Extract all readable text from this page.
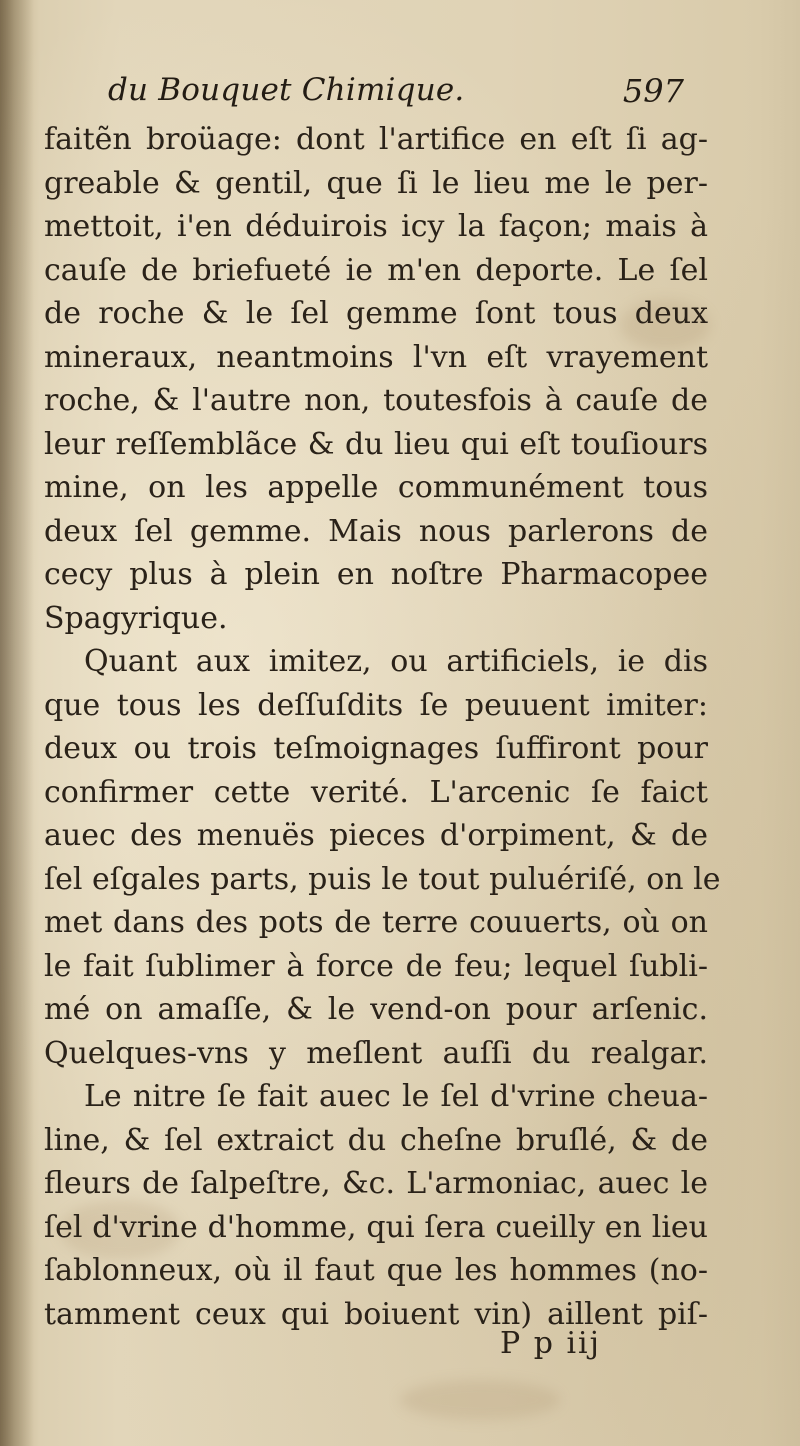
du Bouquet Chimique.	597
faitẽn broüage: dont l'artifice en eſt ſi ag-
greable & gentil, que ſi le lieu me le per-
mettoit, i'en déduirois icy la façon; mais à
cauſe de briefueté ie m'en deporte. Le ſel
de roche & le ſel gemme ſont tous deux
mineraux, neantmoins l'vn eſt vrayement
roche, & l'autre non, toutesfois à cauſe de
leur reſſemblãce & du lieu qui eſt touſiours
mine, on les appelle communément tous
deux ſel gemme. Mais nous parlerons de
cecy plus à plein en noſtre Pharmacopee
Spagyrique.
Quant aux imitez, ou artificiels, ie dis
que tous les deſſuſdits ſe peuuent imiter:
deux ou trois teſmoignages ſuffiront pour
confirmer cette verité. L'arcenic ſe faict
auec des menuës pieces d'orpiment, & de
ſel eſgales parts, puis le tout puluériſé, on le
met dans des pots de terre couuerts, où on
le fait ſublimer à force de feu; lequel ſubli-
mé on amaſſe, & le vend-on pour arſenic.
Quelques-vns y meſlent auſſi du realgar.
Le nitre ſe fait auec le ſel d'vrine cheua-
line, & ſel extraict du cheſne bruſlé, & de
fleurs de ſalpeſtre, &c. L'armoniac, auec le
ſel d'vrine d'homme, qui ſera cueilly en lieu
ſablonneux, où il faut que les hommes (no-
tamment ceux qui boiuent vin) aillent piſ-
P p iij
